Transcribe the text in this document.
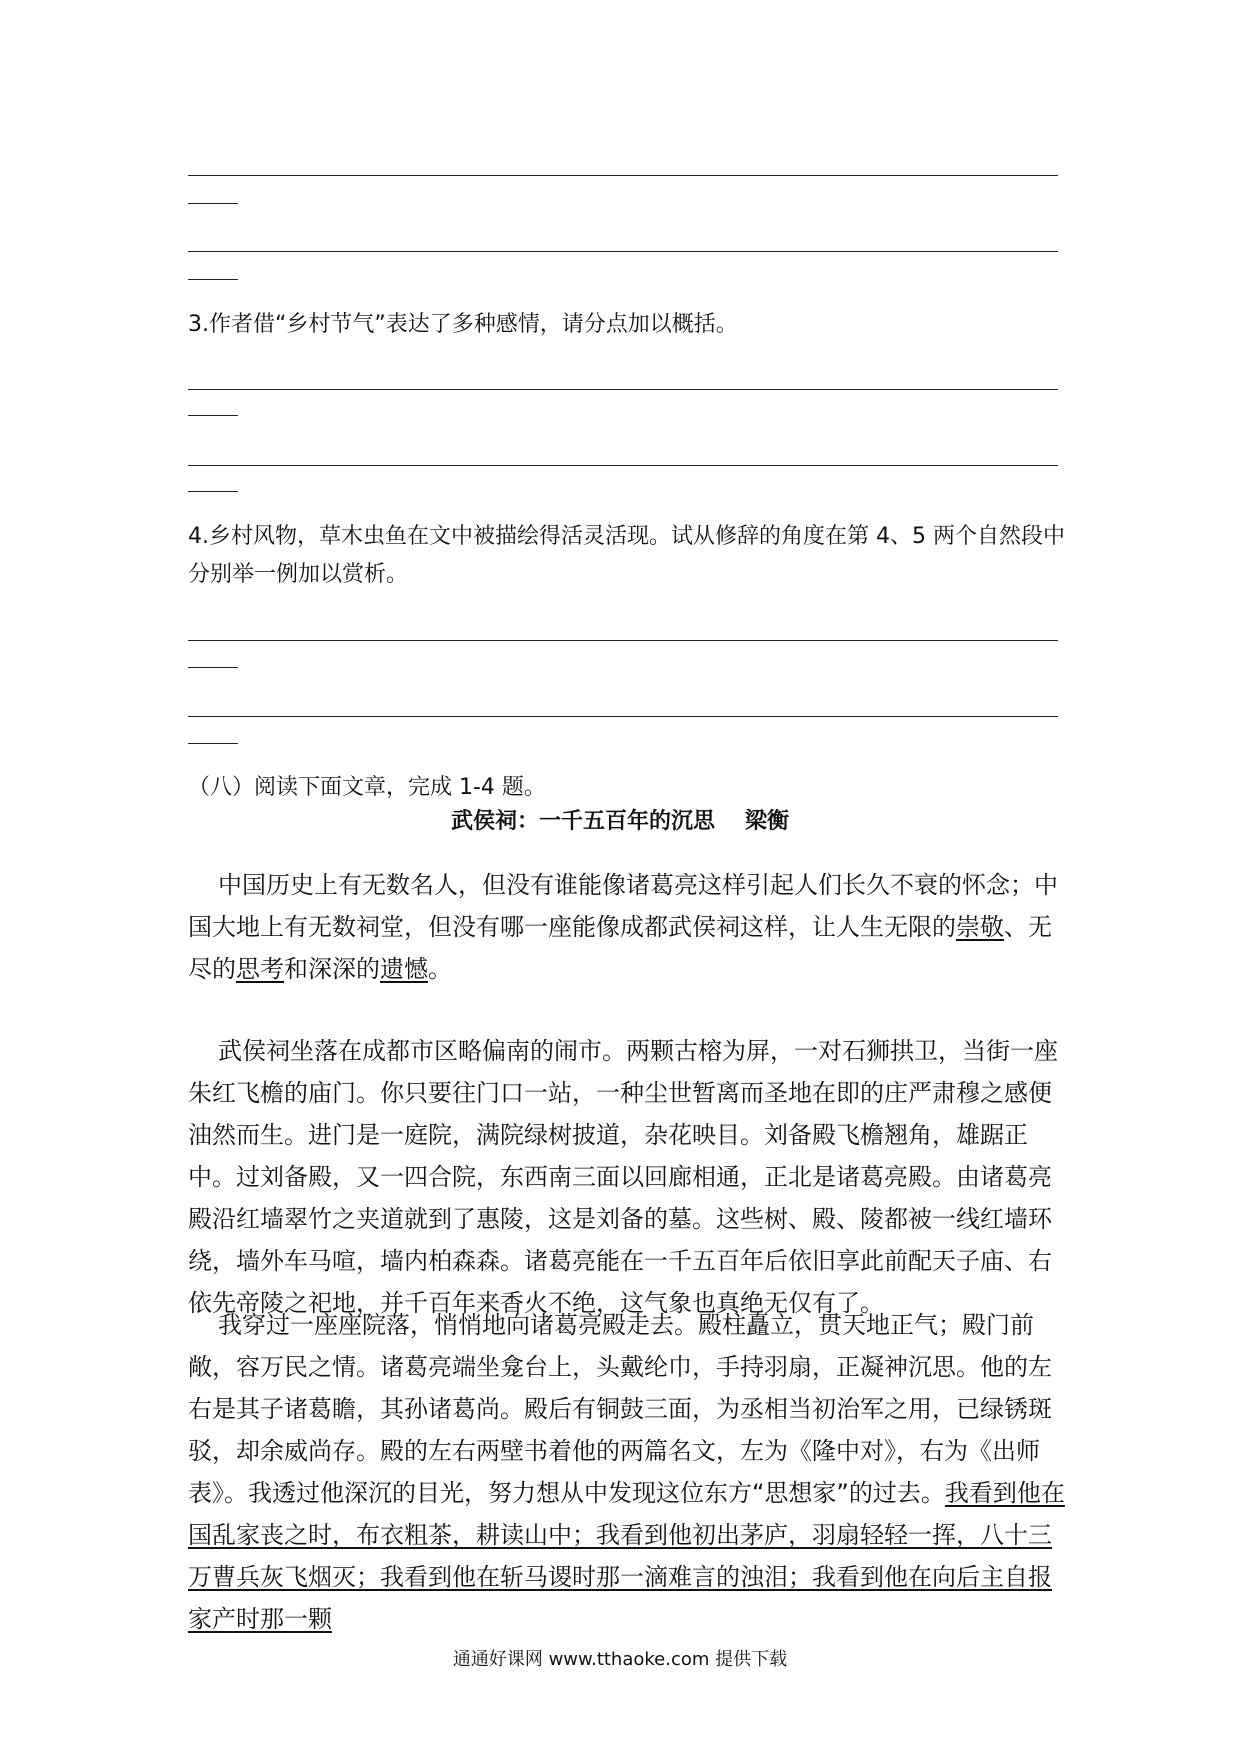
3.作者借“乡村节气”表达了多种感情，请分点加以概括。

4.乡村风物，草木虫鱼在文中被描绘得活灵活现。试从修辞的角度在第 4、5 两个自然段中分别举一例加以赏析。

（八）阅读下面文章，完成 1-4 题。

武侯祠：一千五百年的沉思 梁衡

中国历史上有无数名人，但没有谁能像诸葛亮这样引起人们长久不衰的怀念；中国大地上有无数祠堂，但没有哪一座能像成都武侯祠这样，让人生无限的崇敬、无尽的思考和深深的遗憾。

武侯祠坐落在成都市区略偏南的闹市。两颗古榕为屏，一对石狮拱卫，当街一座朱红飞檐的庙门。你只要往门口一站，一种尘世暂离而圣地在即的庄严肃穆之感便油然而生。进门是一庭院，满院绿树披道，杂花映目。刘备殿飞檐翘角，雄踞正中。过刘备殿，又一四合院，东西南三面以回廊相通，正北是诸葛亮殿。由诸葛亮殿沿红墙翠竹之夹道就到了惠陵，这是刘备的墓。这些树、殿、陵都被一线红墙环绕，墙外车马喧，墙内柏森森。诸葛亮能在一千五百年后依旧享此前配天子庙、右依先帝陵之祀地，并千百年来香火不绝，这气象也真绝无仅有了。

我穿过一座座院落，悄悄地向诸葛亮殿走去。殿柱矗立，贯天地正气；殿门前敞，容万民之情。诸葛亮端坐龛台上，头戴纶巾，手持羽扇，正凝神沉思。他的左右是其子诸葛瞻，其孙诸葛尚。殿后有铜鼓三面，为丞相当初治军之用，已绿锈斑驳，却余威尚存。殿的左右两壁书着他的两篇名文，左为《隆中对》，右为《出师表》。我透过他深沉的目光，努力想从中发现这位东方“思想家”的过去。我看到他在国乱家丧之时，布衣粗茶，耕读山中；我看到他初出茅庐，羽扇轻轻一挥，八十三万曹兵灰飞烟灭；我看到他在斩马谡时那一滴难言的浊泪；我看到他在向后主自报家产时那一颗

通通好课网 www.tthaoke.com 提供下载
